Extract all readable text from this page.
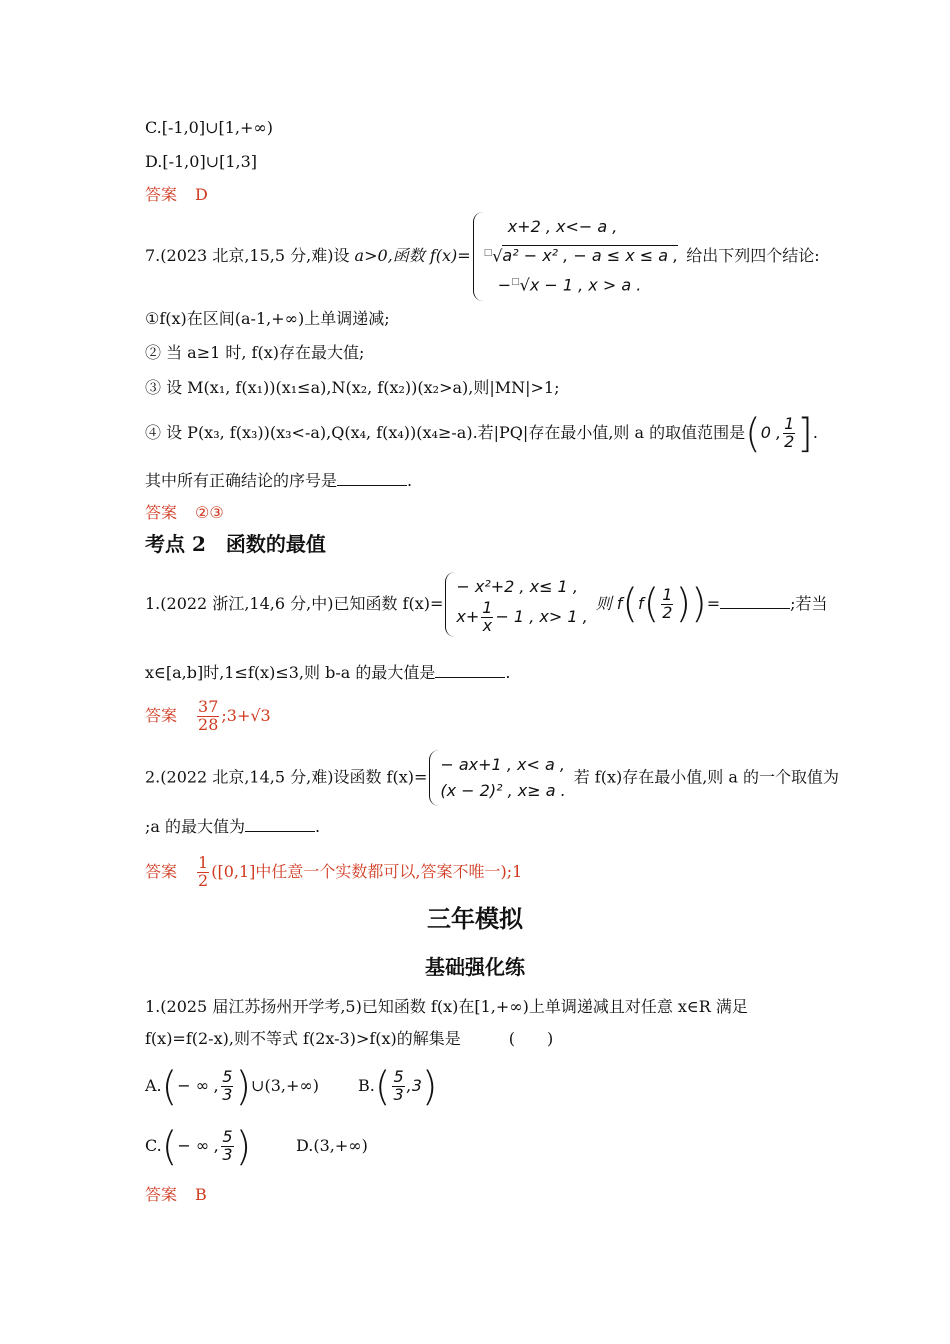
C.[-1,0]∪[1,+∞)
D.[-1,0]∪[1,3]
答案 D
7.(2023 北京,15,5 分,难)设 a>0,函数 f(x)=
x+2 , x<− a ,
□√a² − x² , − a ≤ x ≤ a ,
−□√x − 1 , x > a .
给出下列四个结论:
①f(x)在区间(a-1,+∞)上单调递减;
② 当 a≥1 时, f(x)存在最大值;
③ 设 M(x₁, f(x₁))(x₁≤a),N(x₂, f(x₂))(x₂>a),则|MN|>1;
④ 设 P(x₃, f(x₃))(x₃<-a),Q(x₄, f(x₄))(x₄≥-a).若|PQ|存在最小值,则 a 的取值范围是(0 , $\frac{1}{2}$ ].
其中所有正确结论的序号是	.
答案 ②③
考点 2　函数的最值
1.(2022 浙江,14,6 分,中)已知函数 f(x)=
− x²+2 , x≤ 1 ,
$x+ \frac{1}{x} - 1$ , x> 1 ,
则 $f(f( \frac{1}{2}$ ))=	;若当
x∈[a,b]时,1≤f(x)≤3,则 b-a 的最大值是	.
答案 $\frac{37}{28}$ ;3+√3
2.(2022 北京,14,5 分,难)设函数 f(x)=
− ax+1 , x< a ,
(x − 2)² , x≥ a .
若 f(x)存在最小值,则 a 的一个取值为
;a 的最大值为	.
答案 $\frac{1}{2} ([0,1]$中任意一个实数都可以,答案不唯一);1
三年模拟
基础强化练
1.(2025 届江苏扬州开学考,5)已知函数 f(x)在[1,+∞)上单调递减且对任意 x∈R 满足
f(x)=f(2-x),则不等式 f(2x-3)>f(x)的解集是	(　　)
A.(− ∞ , $\frac{5}{3}$ )∪(3,+∞) $B.( \frac{5}{3} ,3)$
C.(− ∞ , $\frac{5}{3}$ )	D.(3,+∞)
答案 B
